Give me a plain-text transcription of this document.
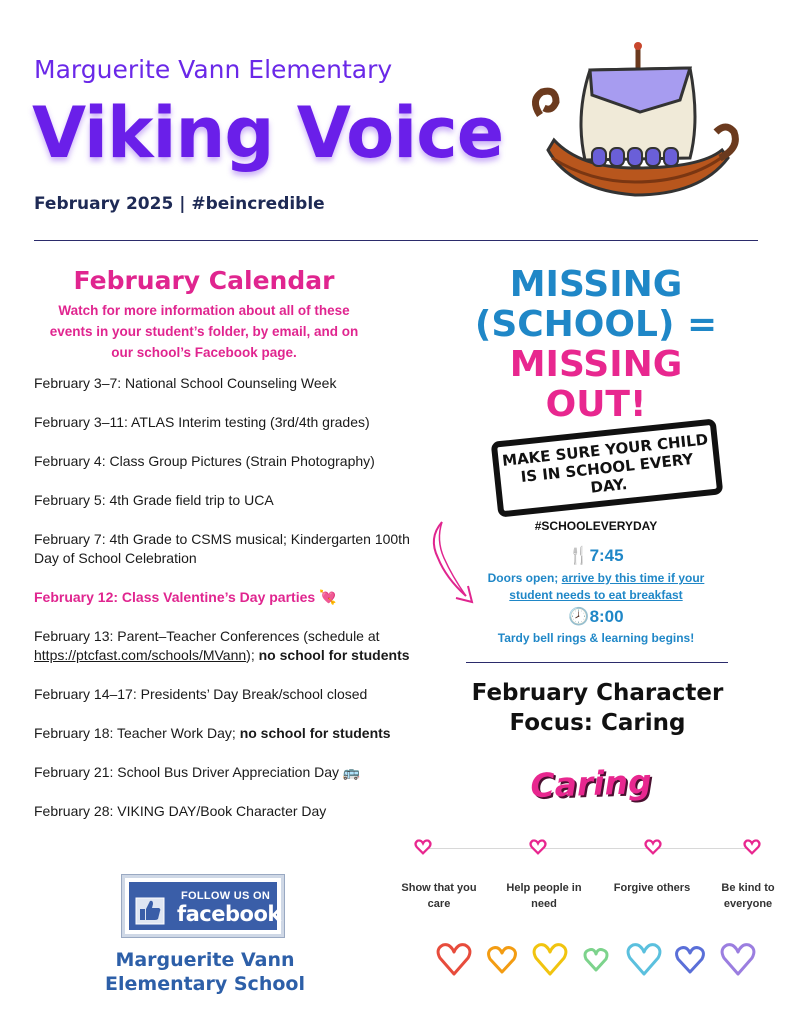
Marguerite Vann Elementary
Viking Voice
February 2025 | #beincredible
February Calendar
Watch for more information about all of these events in your student’s folder, by email, and on our school’s Facebook page.
February 3–7: National School Counseling Week
February 3–11: ATLAS Interim testing (3rd/4th grades)
February 4: Class Group Pictures (Strain Photography)
February 5: 4th Grade field trip to UCA
February 7: 4th Grade to CSMS musical; Kindergarten 100th Day of School Celebration
February 12: Class Valentine’s Day parties 💘
February 13: Parent–Teacher Conferences (schedule at https://ptcfast.com/schools/MVann); no school for students
February 14–17: Presidents’ Day Break/school closed
February 18: Teacher Work Day; no school for students
February 21: School Bus Driver Appreciation Day 🚌
February 28: VIKING DAY/Book Character Day
MISSING
(SCHOOL) =
MISSING
OUT!
MAKE SURE YOUR CHILD IS IN SCHOOL EVERY DAY.
#SCHOOLEVERYDAY
🍴7:45
Doors open; arrive by this time if your student needs to eat breakfast
🕗8:00
Tardy bell rings & learning begins!
February Character Focus: Caring
Caring
Show that you care
Help people in need
Forgive others	Be kind to everyone
FOLLOW US ON
facebook
Marguerite Vann Elementary School
